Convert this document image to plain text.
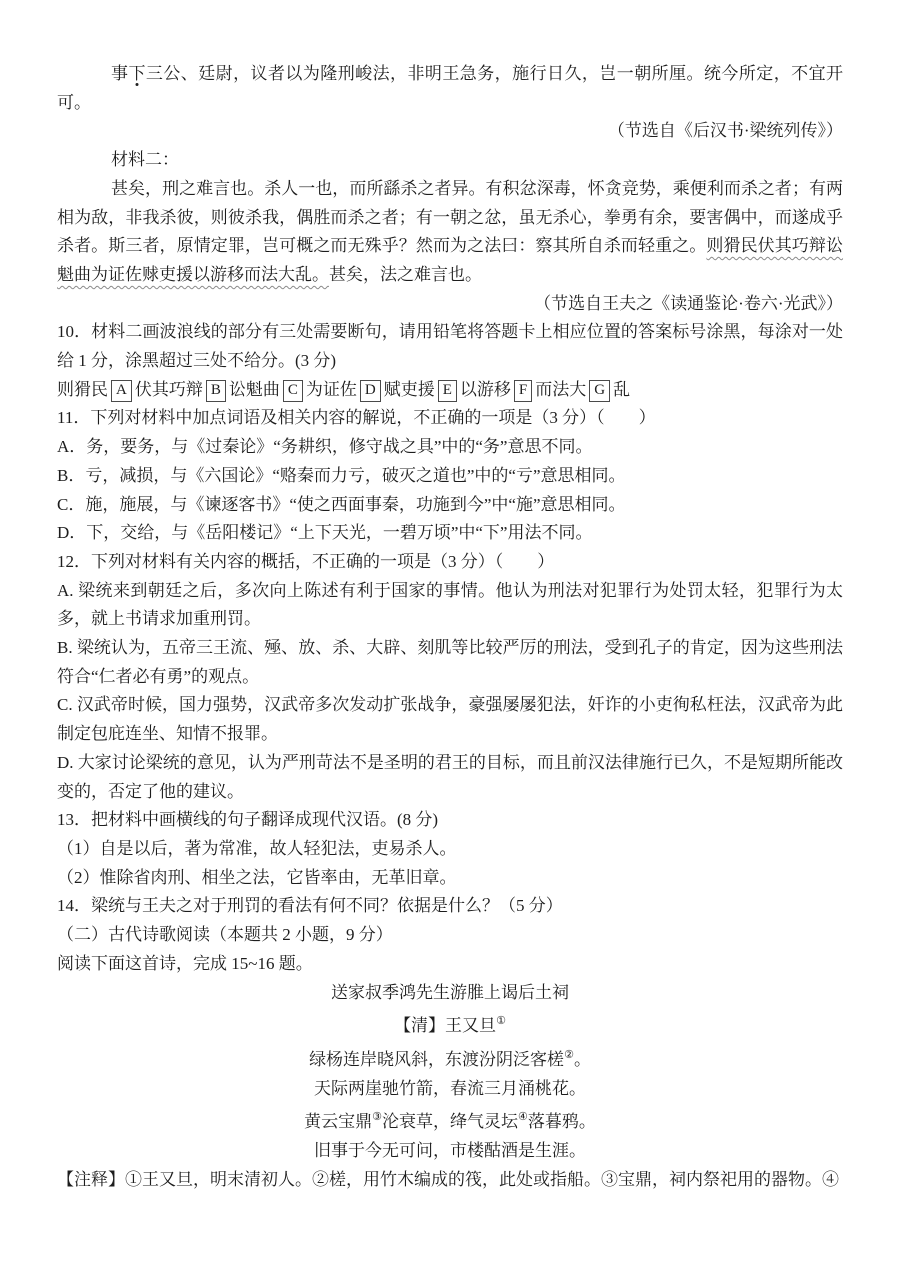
事下三公、廷尉，议者以为隆刑峻法，非明王急务，施行日久，岂一朝所厘。统今所定，不宜开可。

（节选自《后汉书·梁统列传》）

材料二：

甚矣，刑之难言也。杀人一也，而所繇杀之者异。有积忿深毒，怀贪竞势，乘便利而杀之者；有两相为敌，非我杀彼，则彼杀我，偶胜而杀之者；有一朝之忿，虽无杀心，拳勇有余，要害偶中，而遂成乎杀者。斯三者，原情定罪，岂可概之而无殊乎？然而为之法曰：察其所自杀而轻重之。则猾民伏其巧辩讼魁曲为证佐赇吏援以游移而法大乱。甚矣，法之难言也。

（节选自王夫之《读通鉴论·卷六·光武》）

10．材料二画波浪线的部分有三处需要断句，请用铅笔将答题卡上相应位置的答案标号涂黑，每涂对一处给 1 分，涂黑超过三处不给分。(3 分)

则猾民 A 伏其巧辩 B 讼魁曲 C 为证佐 D 赋吏援 E 以游移 F 而法大 G 乱

11．下列对材料中加点词语及相关内容的解说，不正确的一项是（3 分）（　　）

A．务，要务，与《过秦论》“务耕织，修守战之具”中的“务”意思不同。

B．亏，减损，与《六国论》“赂秦而力亏，破灭之道也”中的“亏”意思相同。

C．施，施展，与《谏逐客书》“使之西面事秦，功施到今”中“施”意思相同。

D．下，交给，与《岳阳楼记》“上下天光，一碧万顷”中“下”用法不同。

12．下列对材料有关内容的概括，不正确的一项是（3 分）（　　）

A. 梁统来到朝廷之后，多次向上陈述有利于国家的事情。他认为刑法对犯罪行为处罚太轻，犯罪行为太多，就上书请求加重刑罚。

B. 梁统认为，五帝三王流、殛、放、杀、大辟、刻肌等比较严厉的刑法，受到孔子的肯定，因为这些刑法符合“仁者必有勇”的观点。

C. 汉武帝时候，国力强势，汉武帝多次发动扩张战争，豪强屡屡犯法，奸诈的小吏徇私枉法，汉武帝为此制定包庇连坐、知情不报罪。

D. 大家讨论梁统的意见，认为严刑苛法不是圣明的君王的目标，而且前汉法律施行已久，不是短期所能改变的，否定了他的建议。

13．把材料中画横线的句子翻译成现代汉语。(8 分)

（1）自是以后，著为常准，故人轻犯法，吏易杀人。

（2）惟除省肉刑、相坐之法，它皆率由，无革旧章。

14．梁统与王夫之对于刑罚的看法有何不同？依据是什么？（5 分）

（二）古代诗歌阅读（本题共 2 小题，9 分）

阅读下面这首诗，完成 15~16 题。

送家叔季鸿先生游脽上谒后土祠

【清】王又旦①

绿杨连岸晓风斜，东渡汾阴泛客槎②。

天际两崖驰竹箭，春流三月涌桃花。

黄云宝鼎③沦衰草，绛气灵坛④落暮鸦。

旧事于今无可问，市楼酤酒是生涯。

【注释】①王又旦，明末清初人。②槎，用竹木编成的筏，此处或指船。③宝鼎，祠内祭祀用的器物。④
